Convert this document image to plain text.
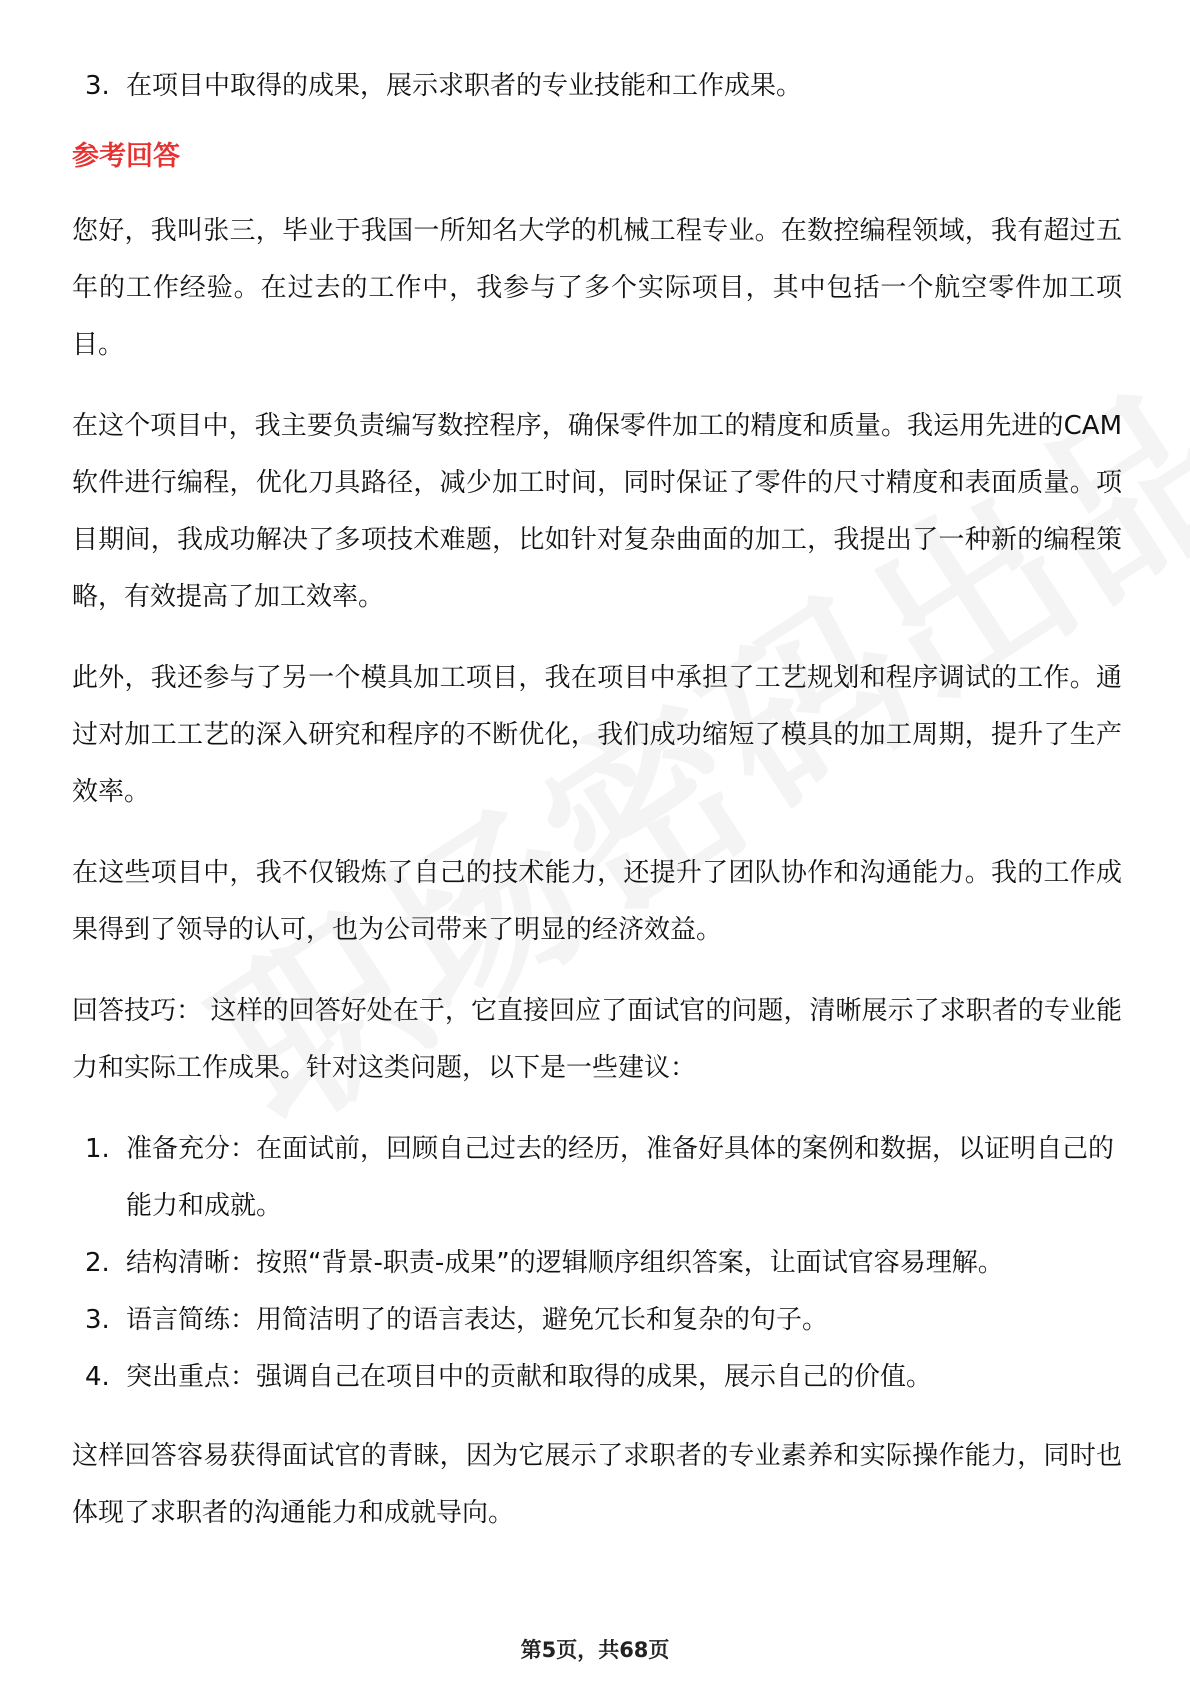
3. 在项目中取得的成果，展示求职者的专业技能和工作成果。
参考回答

您好，我叫张三，毕业于我国一所知名大学的机械工程专业。在数控编程领域，我有超过五年的工作经验。在过去的工作中，我参与了多个实际项目，其中包括一个航空零件加工项目。

在这个项目中，我主要负责编写数控程序，确保零件加工的精度和质量。我运用先进的CAM软件进行编程，优化刀具路径，减少加工时间，同时保证了零件的尺寸精度和表面质量。项目期间，我成功解决了多项技术难题，比如针对复杂曲面的加工，我提出了一种新的编程策略，有效提高了加工效率。

此外，我还参与了另一个模具加工项目，我在项目中承担了工艺规划和程序调试的工作。通过对加工工艺的深入研究和程序的不断优化，我们成功缩短了模具的加工周期，提升了生产效率。

在这些项目中，我不仅锻炼了自己的技术能力，还提升了团队协作和沟通能力。我的工作成果得到了领导的认可，也为公司带来了明显的经济效益。

回答技巧： 这样的回答好处在于，它直接回应了面试官的问题，清晰展示了求职者的专业能力和实际工作成果。针对这类问题，以下是一些建议：

1. 准备充分：在面试前，回顾自己过去的经历，准备好具体的案例和数据，以证明自己的能力和成就。
2. 结构清晰：按照“背景-职责-成果”的逻辑顺序组织答案，让面试官容易理解。
3. 语言简练：用简洁明了的语言表达，避免冗长和复杂的句子。
4. 突出重点：强调自己在项目中的贡献和取得的成果，展示自己的价值。

这样回答容易获得面试官的青睐，因为它展示了求职者的专业素养和实际操作能力，同时也体现了求职者的沟通能力和成就导向。

第5页，共68页
